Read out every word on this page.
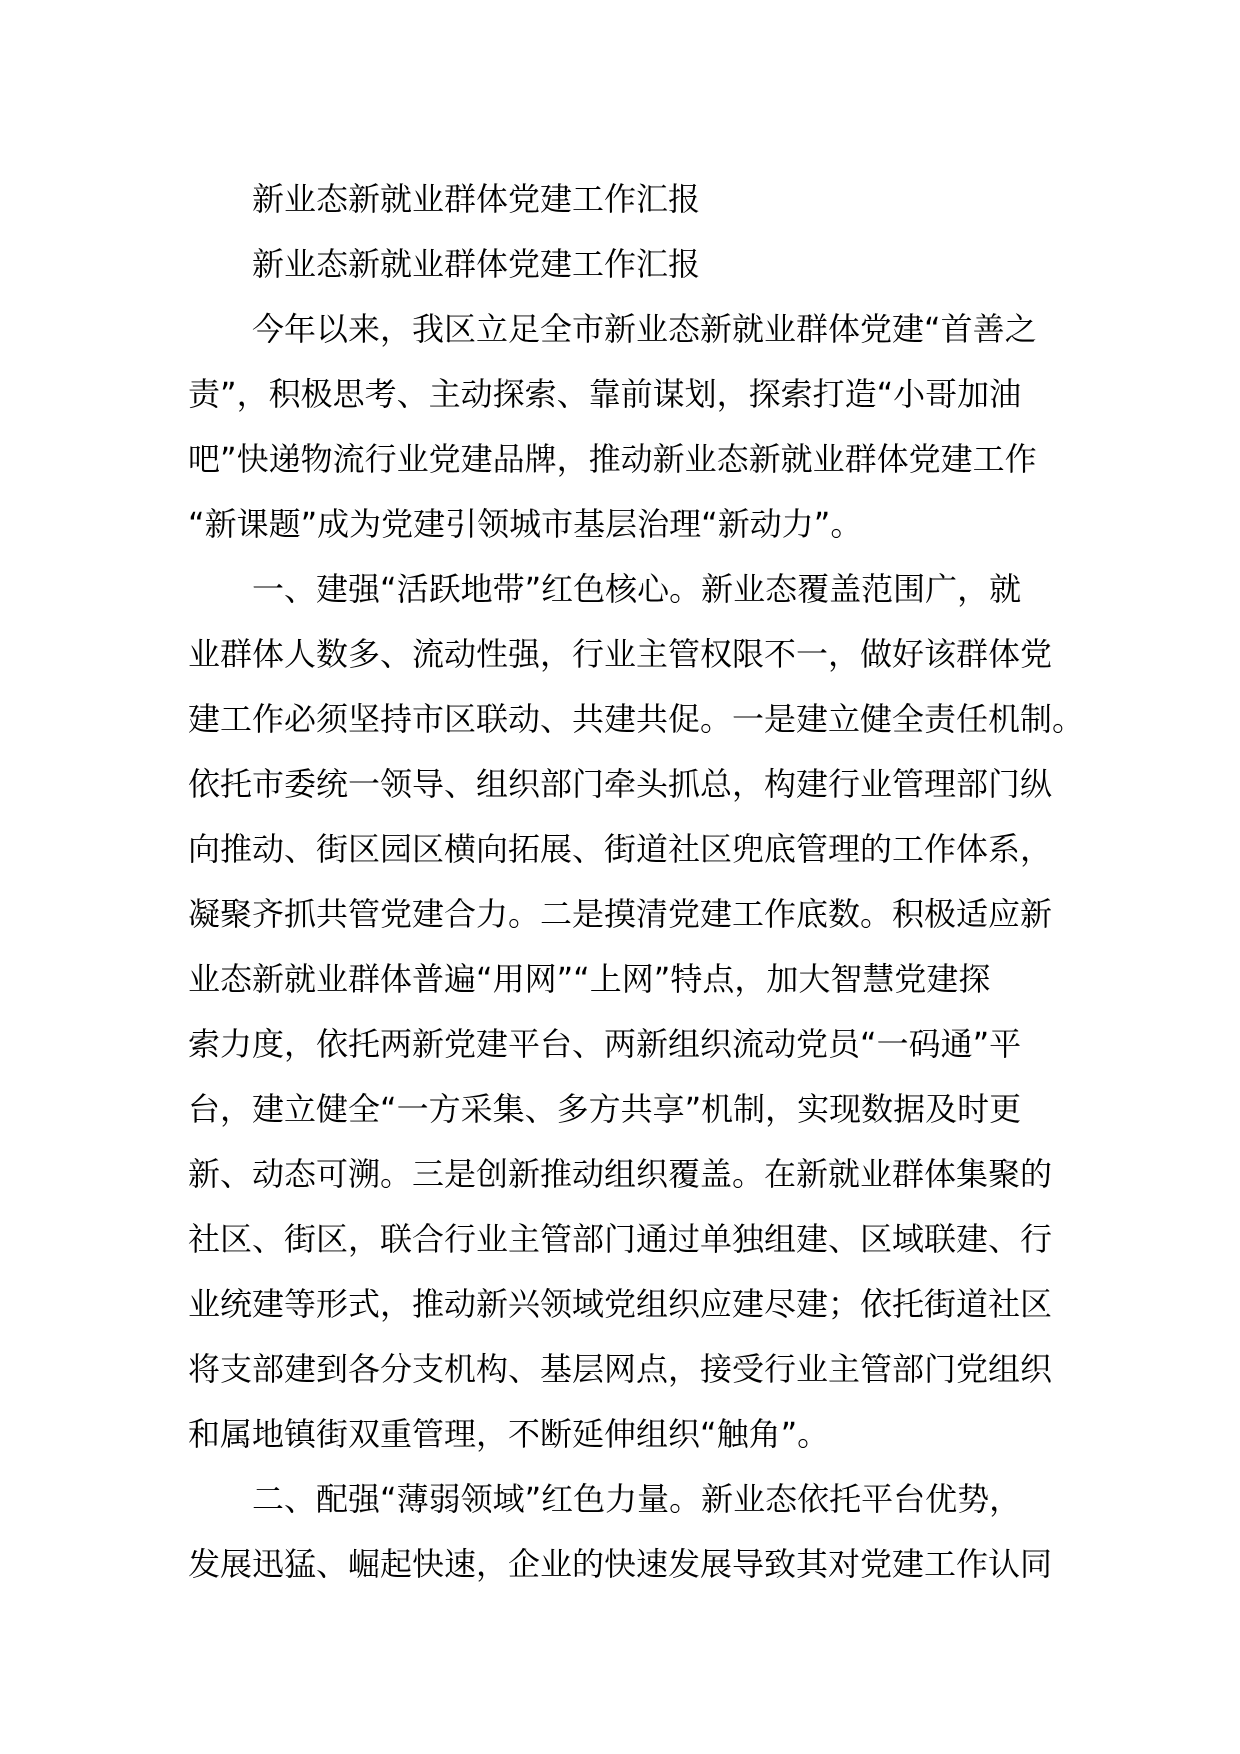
新业态新就业群体党建工作汇报
新业态新就业群体党建工作汇报
今年以来，我区立足全市新业态新就业群体党建“首善之
责”，积极思考、主动探索、靠前谋划，探索打造“小哥加油
吧”快递物流行业党建品牌，推动新业态新就业群体党建工作
“新课题”成为党建引领城市基层治理“新动力”。
一、建强“活跃地带”红色核心。新业态覆盖范围广，就
业群体人数多、流动性强，行业主管权限不一，做好该群体党
建工作必须坚持市区联动、共建共促。一是建立健全责任机制。
依托市委统一领导、组织部门牵头抓总，构建行业管理部门纵
向推动、街区园区横向拓展、街道社区兜底管理的工作体系，
凝聚齐抓共管党建合力。二是摸清党建工作底数。积极适应新
业态新就业群体普遍“用网”“上网”特点，加大智慧党建探
索力度，依托两新党建平台、两新组织流动党员“一码通”平
台，建立健全“一方采集、多方共享”机制，实现数据及时更
新、动态可溯。三是创新推动组织覆盖。在新就业群体集聚的
社区、街区，联合行业主管部门通过单独组建、区域联建、行
业统建等形式，推动新兴领域党组织应建尽建；依托街道社区
将支部建到各分支机构、基层网点，接受行业主管部门党组织
和属地镇街双重管理，不断延伸组织“触角”。
二、配强“薄弱领域”红色力量。新业态依托平台优势，
发展迅猛、崛起快速，企业的快速发展导致其对党建工作认同
